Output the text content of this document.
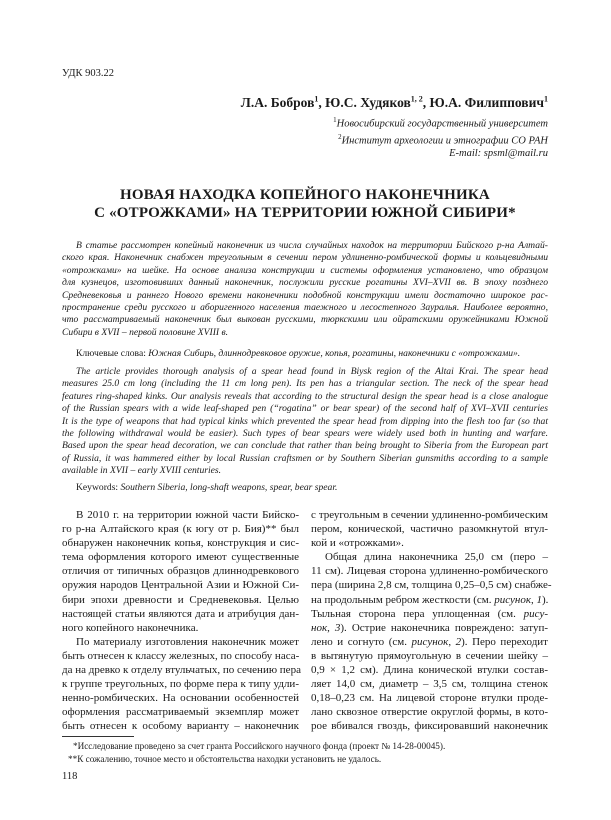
УДК 903.22
Л.А. Бобров$^1$, Ю.С. Худяков$^{1, 2}$, Ю.А. Филиппович$^1$
$^1$Новосибирский государственный университет
$^2$Институт археологии и этнографии СО РАН
E-mail: spsml@mail.ru
НОВАЯ НАХОДКА КОПЕЙНОГО НАКОНЕЧНИКА
С «ОТРОЖКАМИ» НА ТЕРРИТОРИИ ЮЖНОЙ СИБИРИ*
В статье рассмотрен копейный наконечник из числа случайных находок на территории Бийского р-на Алтай-
ского края. Наконечник снабжен треугольным в сечении пером удлиненно-ромбической формы и кольцевидными
«отрожками» на шейке. На основе анализа конструкции и системы оформления установлено, что образцом
для кузнецов, изготовивших данный наконечник, послужили русские рогатины XVI–XVII вв. В эпоху позднего
Средневековья и раннего Нового времени наконечники подобной конструкции имели достаточно широкое рас-
пространение среди русского и аборигенного населения таежного и лесостепного Зауралья. Наиболее вероятно,
что рассматриваемый наконечник был выкован русскими, тюркскими или ойратскими оружейниками Южной
Сибири в XVII – первой половине XVIII в.
Ключевые слова: Южная Сибирь, длиннодревковое оружие, копья, рогатины, наконечники с «отрожками».
The article provides thorough analysis of a spear head found in Biysk region of the Altai Krai. The spear head
measures 25.0 cm long (including the 11 cm long pen). Its pen has a triangular section. The neck of the spear head
features ring-shaped kinks. Our analysis reveals that according to the structural design the spear head is a close analogue
of the Russian spears with a wide leaf-shaped pen (“rogatina” or bear spear) of the second half of XVI–XVII centuries
It is the type of weapons that had typical kinks which prevented the spear head from dipping into the flesh too far (so that
the following withdrawal would be easier). Such types of bear spears were widely used both in hunting and warfare.
Based upon the spear head decoration, we can conclude that rather than being brought to Siberia from the European part
of Russia, it was hammered either by local Russian craftsmen or by Southern Siberian gunsmiths according to a sample
available in XVII – early XVIII centuries.
Keywords: Southern Siberia, long-shaft weapons, spear, bear spear.
В 2010 г. на территории южной части Бийско-
го р-на Алтайского края (к югу от р. Бия)** был
обнаружен наконечник копья, конструкция и сис-
тема оформления которого имеют существенные
отличия от типичных образцов длиннодревкового
оружия народов Центральной Азии и Южной Си-
бири эпохи древности и Средневековья. Целью
настоящей статьи являются дата и атрибуция дан-
ного копейного наконечника.
По материалу изготовления наконечник может
быть отнесен к классу железных, по способу наса-
да на древко к отделу втульчатых, по сечению пера
к группе треугольных, по форме пера к типу удли-
ненно-ромбических. На основании особенностей
оформления рассматриваемый экземпляр может
быть отнесен к особому варианту – наконечник
с треугольным в сечении удлиненно-ромбическим
пером, конической, частично разомкнутой втул-
кой и «отрожками».
Общая длина наконечника 25,0 см (перо –
11 см). Лицевая сторона удлиненно-ромбического
пера (ширина 2,8 см, толщина 0,25–0,5 см) снабже-
на продольным ребром жесткости (см. рисунок, 1).
Тыльная сторона пера уплощенная (см. рису-
нок, 3). Острие наконечника повреждено: затуп-
лено и согнуто (см. рисунок, 2). Перо переходит
в вытянутую прямоугольную в сечении шейку –
0,9 × 1,2 см). Длина конической втулки состав-
ляет 14,0 см, диаметр – 3,5 см, толщина стенок
0,18–0,23 см. На лицевой стороне втулки проде-
лано сквозное отверстие округлой формы, в кото-
рое вбивался гвоздь, фиксировавший наконечник
*Исследование проведено за счет гранта Российского научного фонда (проект № 14-28-00045).
**К сожалению, точное место и обстоятельства находки установить не удалось.
118
